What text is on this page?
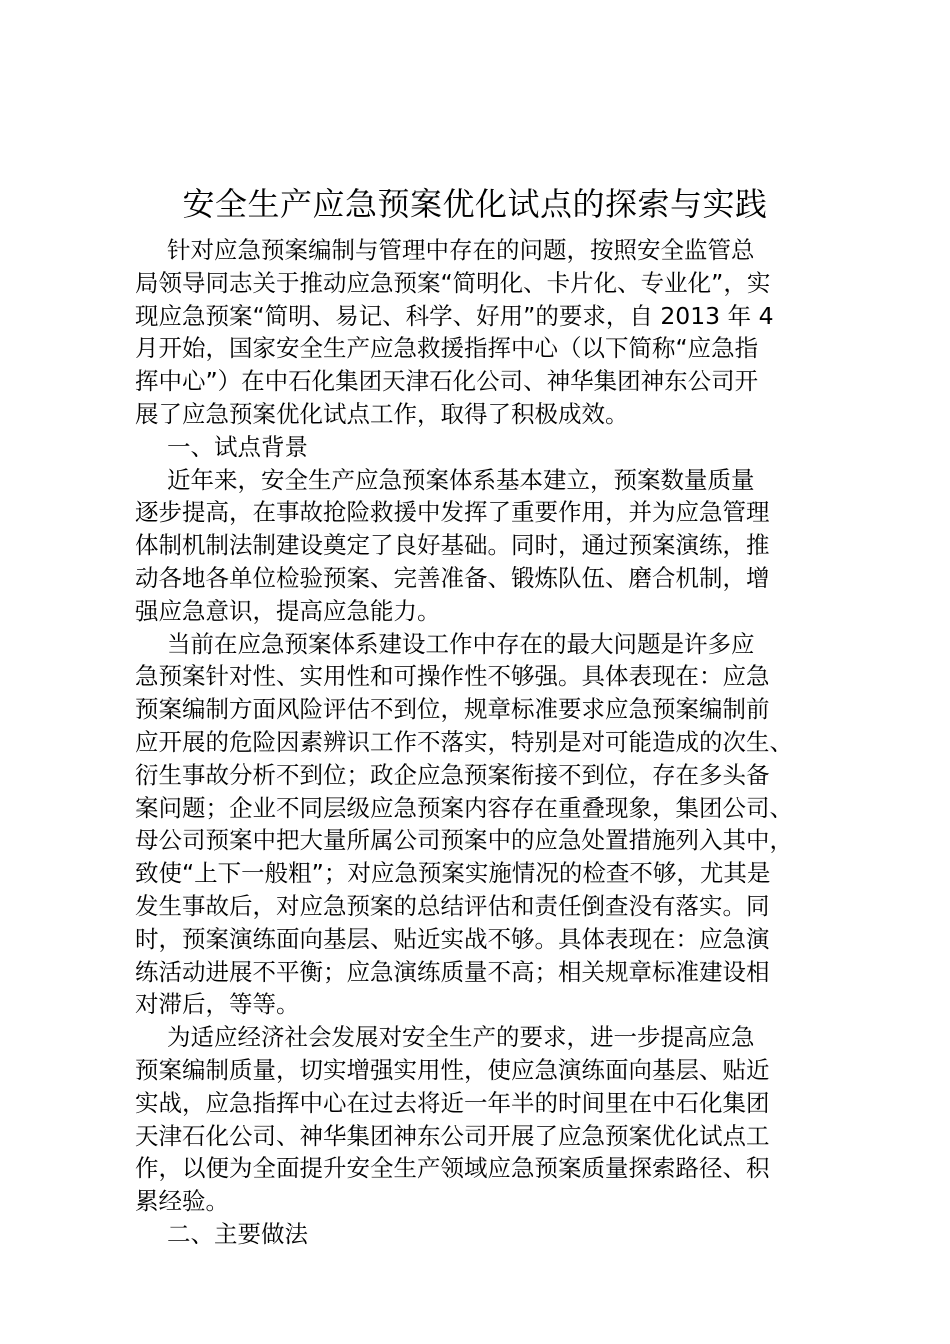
安全生产应急预案优化试点的探索与实践
针对应急预案编制与管理中存在的问题，按照安全监管总
局领导同志关于推动应急预案“简明化、卡片化、专业化”，实
现应急预案“简明、易记、科学、好用”的要求，自 2013 年 4
月开始，国家安全生产应急救援指挥中心（以下简称“应急指
挥中心”）在中石化集团天津石化公司、神华集团神东公司开
展了应急预案优化试点工作，取得了积极成效。
一、试点背景
近年来，安全生产应急预案体系基本建立，预案数量质量
逐步提高，在事故抢险救援中发挥了重要作用，并为应急管理
体制机制法制建设奠定了良好基础。同时，通过预案演练，推
动各地各单位检验预案、完善准备、锻炼队伍、磨合机制，增
强应急意识，提高应急能力。
当前在应急预案体系建设工作中存在的最大问题是许多应
急预案针对性、实用性和可操作性不够强。具体表现在：应急
预案编制方面风险评估不到位，规章标准要求应急预案编制前
应开展的危险因素辨识工作不落实，特别是对可能造成的次生、
衍生事故分析不到位；政企应急预案衔接不到位，存在多头备
案问题；企业不同层级应急预案内容存在重叠现象，集团公司、
母公司预案中把大量所属公司预案中的应急处置措施列入其中，
致使“上下一般粗”；对应急预案实施情况的检查不够，尤其是
发生事故后，对应急预案的总结评估和责任倒查没有落实。同
时，预案演练面向基层、贴近实战不够。具体表现在：应急演
练活动进展不平衡；应急演练质量不高；相关规章标准建设相
对滞后，等等。
为适应经济社会发展对安全生产的要求，进一步提高应急
预案编制质量，切实增强实用性，使应急演练面向基层、贴近
实战，应急指挥中心在过去将近一年半的时间里在中石化集团
天津石化公司、神华集团神东公司开展了应急预案优化试点工
作，以便为全面提升安全生产领域应急预案质量探索路径、积
累经验。
二、主要做法
